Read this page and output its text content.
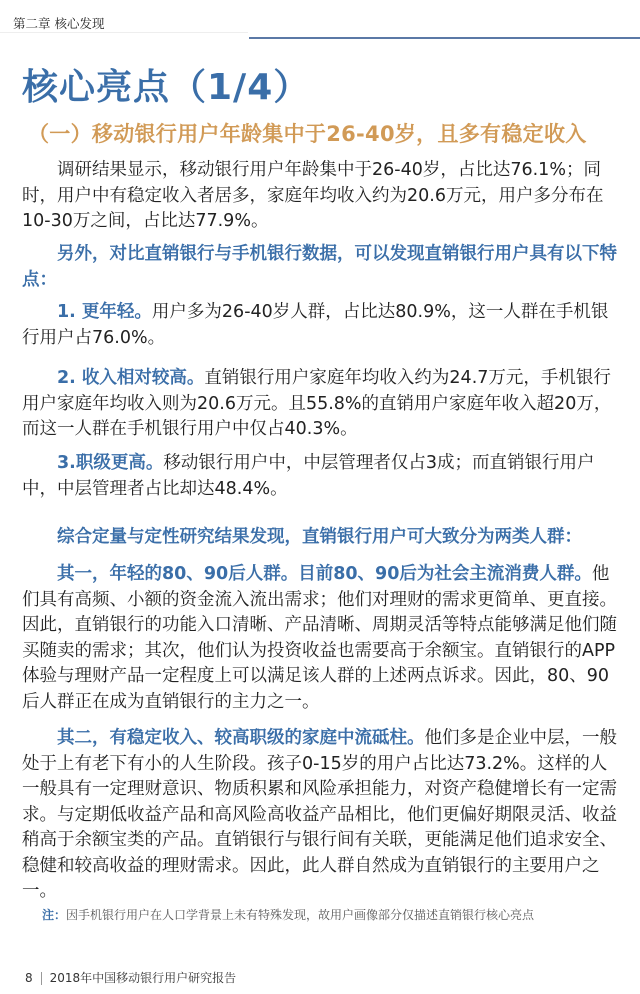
第二章 核心发现
核心亮点（1/4）
（一）移动银行用户年龄集中于26-40岁，且多有稳定收入

调研结果显示，移动银行用户年龄集中于26-40岁，占比达76.1%；同时，用户中有稳定收入者居多，家庭年均收入约为20.6万元，用户多分布在10-30万之间，占比达77.9%。

另外，对比直销银行与手机银行数据，可以发现直销银行用户具有以下特点：

1. 更年轻。用户多为26-40岁人群，占比达80.9%，这一人群在手机银行用户占76.0%。

2. 收入相对较高。直销银行用户家庭年均收入约为24.7万元，手机银行用户家庭年均收入则为20.6万元。且55.8%的直销用户家庭年收入超20万，而这一人群在手机银行用户中仅占40.3%。

3.职级更高。移动银行用户中，中层管理者仅占3成；而直销银行用户中，中层管理者占比却达48.4%。

综合定量与定性研究结果发现，直销银行用户可大致分为两类人群：

其一，年轻的80、90后人群。目前80、90后为社会主流消费人群。他们具有高频、小额的资金流入流出需求；他们对理财的需求更简单、更直接。因此，直销银行的功能入口清晰、产品清晰、周期灵活等特点能够满足他们随买随卖的需求；其次，他们认为投资收益也需要高于余额宝。直销银行的APP体验与理财产品一定程度上可以满足该人群的上述两点诉求。因此，80、90后人群正在成为直销银行的主力之一。

其二，有稳定收入、较高职级的家庭中流砥柱。他们多是企业中层，一般处于上有老下有小的人生阶段。孩子0-15岁的用户占比达73.2%。这样的人一般具有一定理财意识、物质积累和风险承担能力，对资产稳健增长有一定需求。与定期低收益产品和高风险高收益产品相比，他们更偏好期限灵活、收益稍高于余额宝类的产品。直销银行与银行间有关联，更能满足他们追求安全、稳健和较高收益的理财需求。因此，此人群自然成为直销银行的主要用户之一。

注：因手机银行用户在人口学背景上未有特殊发现，故用户画像部分仅描述直销银行核心亮点
8 2018年中国移动银行用户研究报告
